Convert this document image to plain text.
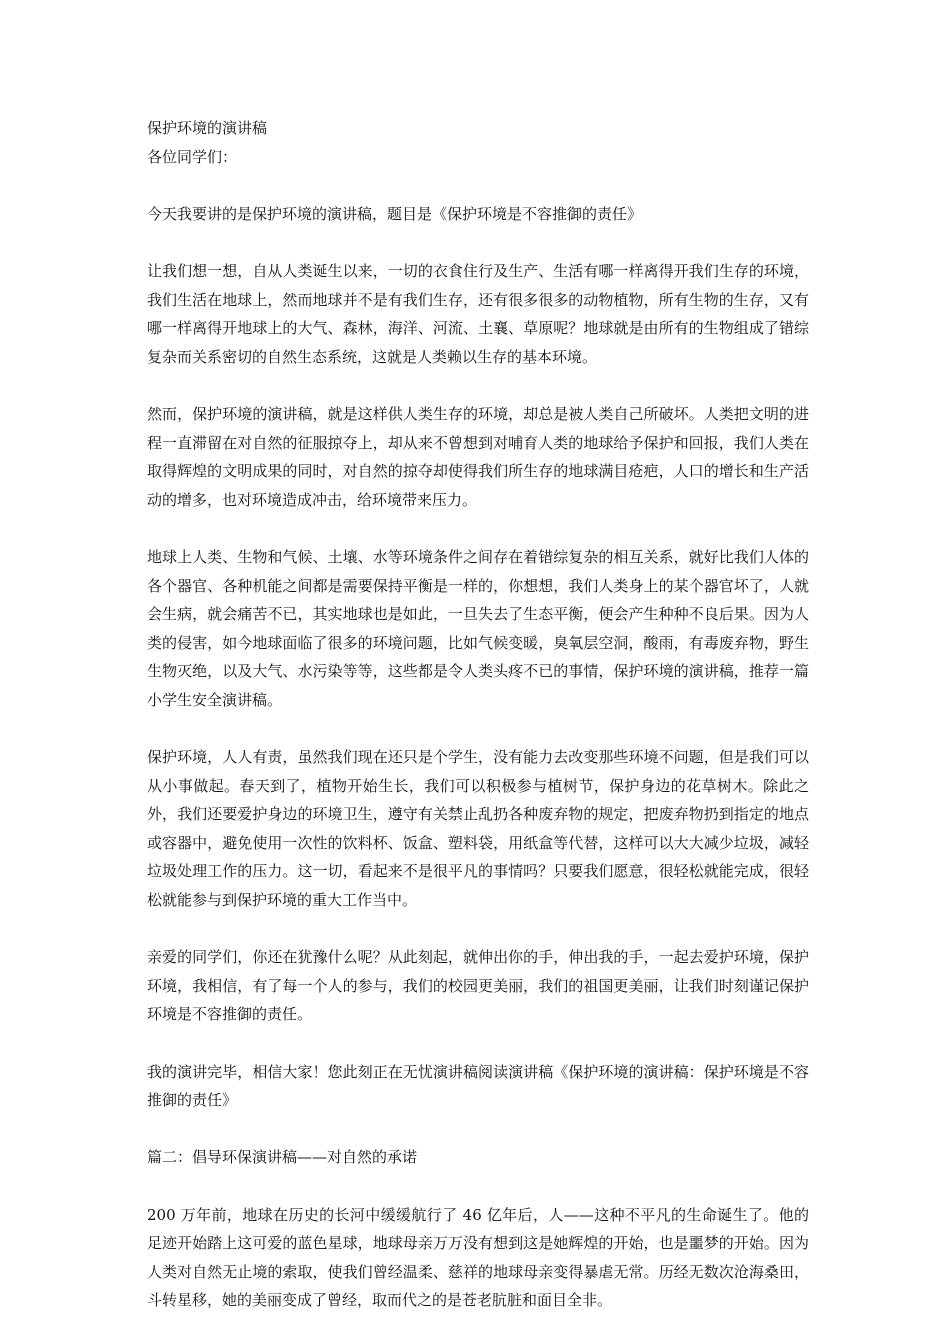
保护环境的演讲稿

各位同学们：

今天我要讲的是保护环境的演讲稿，题目是《保护环境是不容推御的责任》

让我们想一想，自从人类诞生以来，一切的衣食住行及生产、生活有哪一样离得开我们生存的环境，我们生活在地球上，然而地球并不是有我们生存，还有很多很多的动物植物，所有生物的生存，又有哪一样离得开地球上的大气、森林，海洋、河流、土襄、草原呢？地球就是由所有的生物组成了错综复杂而关系密切的自然生态系统，这就是人类赖以生存的基本环境。

然而，保护环境的演讲稿，就是这样供人类生存的环境，却总是被人类自己所破坏。人类把文明的进程一直滞留在对自然的征服掠夺上，却从来不曾想到对哺育人类的地球给予保护和回报，我们人类在取得辉煌的文明成果的同时，对自然的掠夺却使得我们所生存的地球满目疮疤，人口的增长和生产活动的增多，也对环境造成冲击，给环境带来压力。

地球上人类、生物和气候、土壤、水等环境条件之间存在着错综复杂的相互关系，就好比我们人体的各个器官、各种机能之间都是需要保持平衡是一样的，你想想，我们人类身上的某个器官坏了，人就会生病，就会痛苦不已，其实地球也是如此，一旦失去了生态平衡，便会产生种种不良后果。因为人类的侵害，如今地球面临了很多的环境问题，比如气候变暖，臭氧层空洞，酸雨，有毒废弃物，野生生物灭绝，以及大气、水污染等等，这些都是令人类头疼不已的事情，保护环境的演讲稿，推荐一篇小学生安全演讲稿。

保护环境，人人有责，虽然我们现在还只是个学生，没有能力去改变那些环境不问题，但是我们可以从小事做起。春天到了，植物开始生长，我们可以积极参与植树节，保护身边的花草树木。除此之外，我们还要爱护身边的环境卫生，遵守有关禁止乱扔各种废弃物的规定，把废弃物扔到指定的地点或容器中，避免使用一次性的饮料杯、饭盒、塑料袋，用纸盒等代替，这样可以大大减少垃圾，减轻垃圾处理工作的压力。这一切，看起来不是很平凡的事情吗？只要我们愿意，很轻松就能完成，很轻松就能参与到保护环境的重大工作当中。

亲爱的同学们，你还在犹豫什么呢？从此刻起，就伸出你的手，伸出我的手，一起去爱护环境，保护环境，我相信，有了每一个人的参与，我们的校园更美丽，我们的祖国更美丽，让我们时刻谨记保护环境是不容推御的责任。

我的演讲完毕，相信大家！您此刻正在无忧演讲稿阅读演讲稿《保护环境的演讲稿：保护环境是不容推御的责任》

篇二：倡导环保演讲稿——对自然的承诺

200 万年前，地球在历史的长河中缓缓航行了 46 亿年后，人——这种不平凡的生命诞生了。他的足迹开始踏上这可爱的蓝色星球，地球母亲万万没有想到这是她辉煌的开始，也是噩梦的开始。因为人类对自然无止境的索取，使我们曾经温柔、慈祥的地球母亲变得暴虐无常。历经无数次沧海桑田，斗转星移，她的美丽变成了曾经，取而代之的是苍老肮脏和面目全非。
